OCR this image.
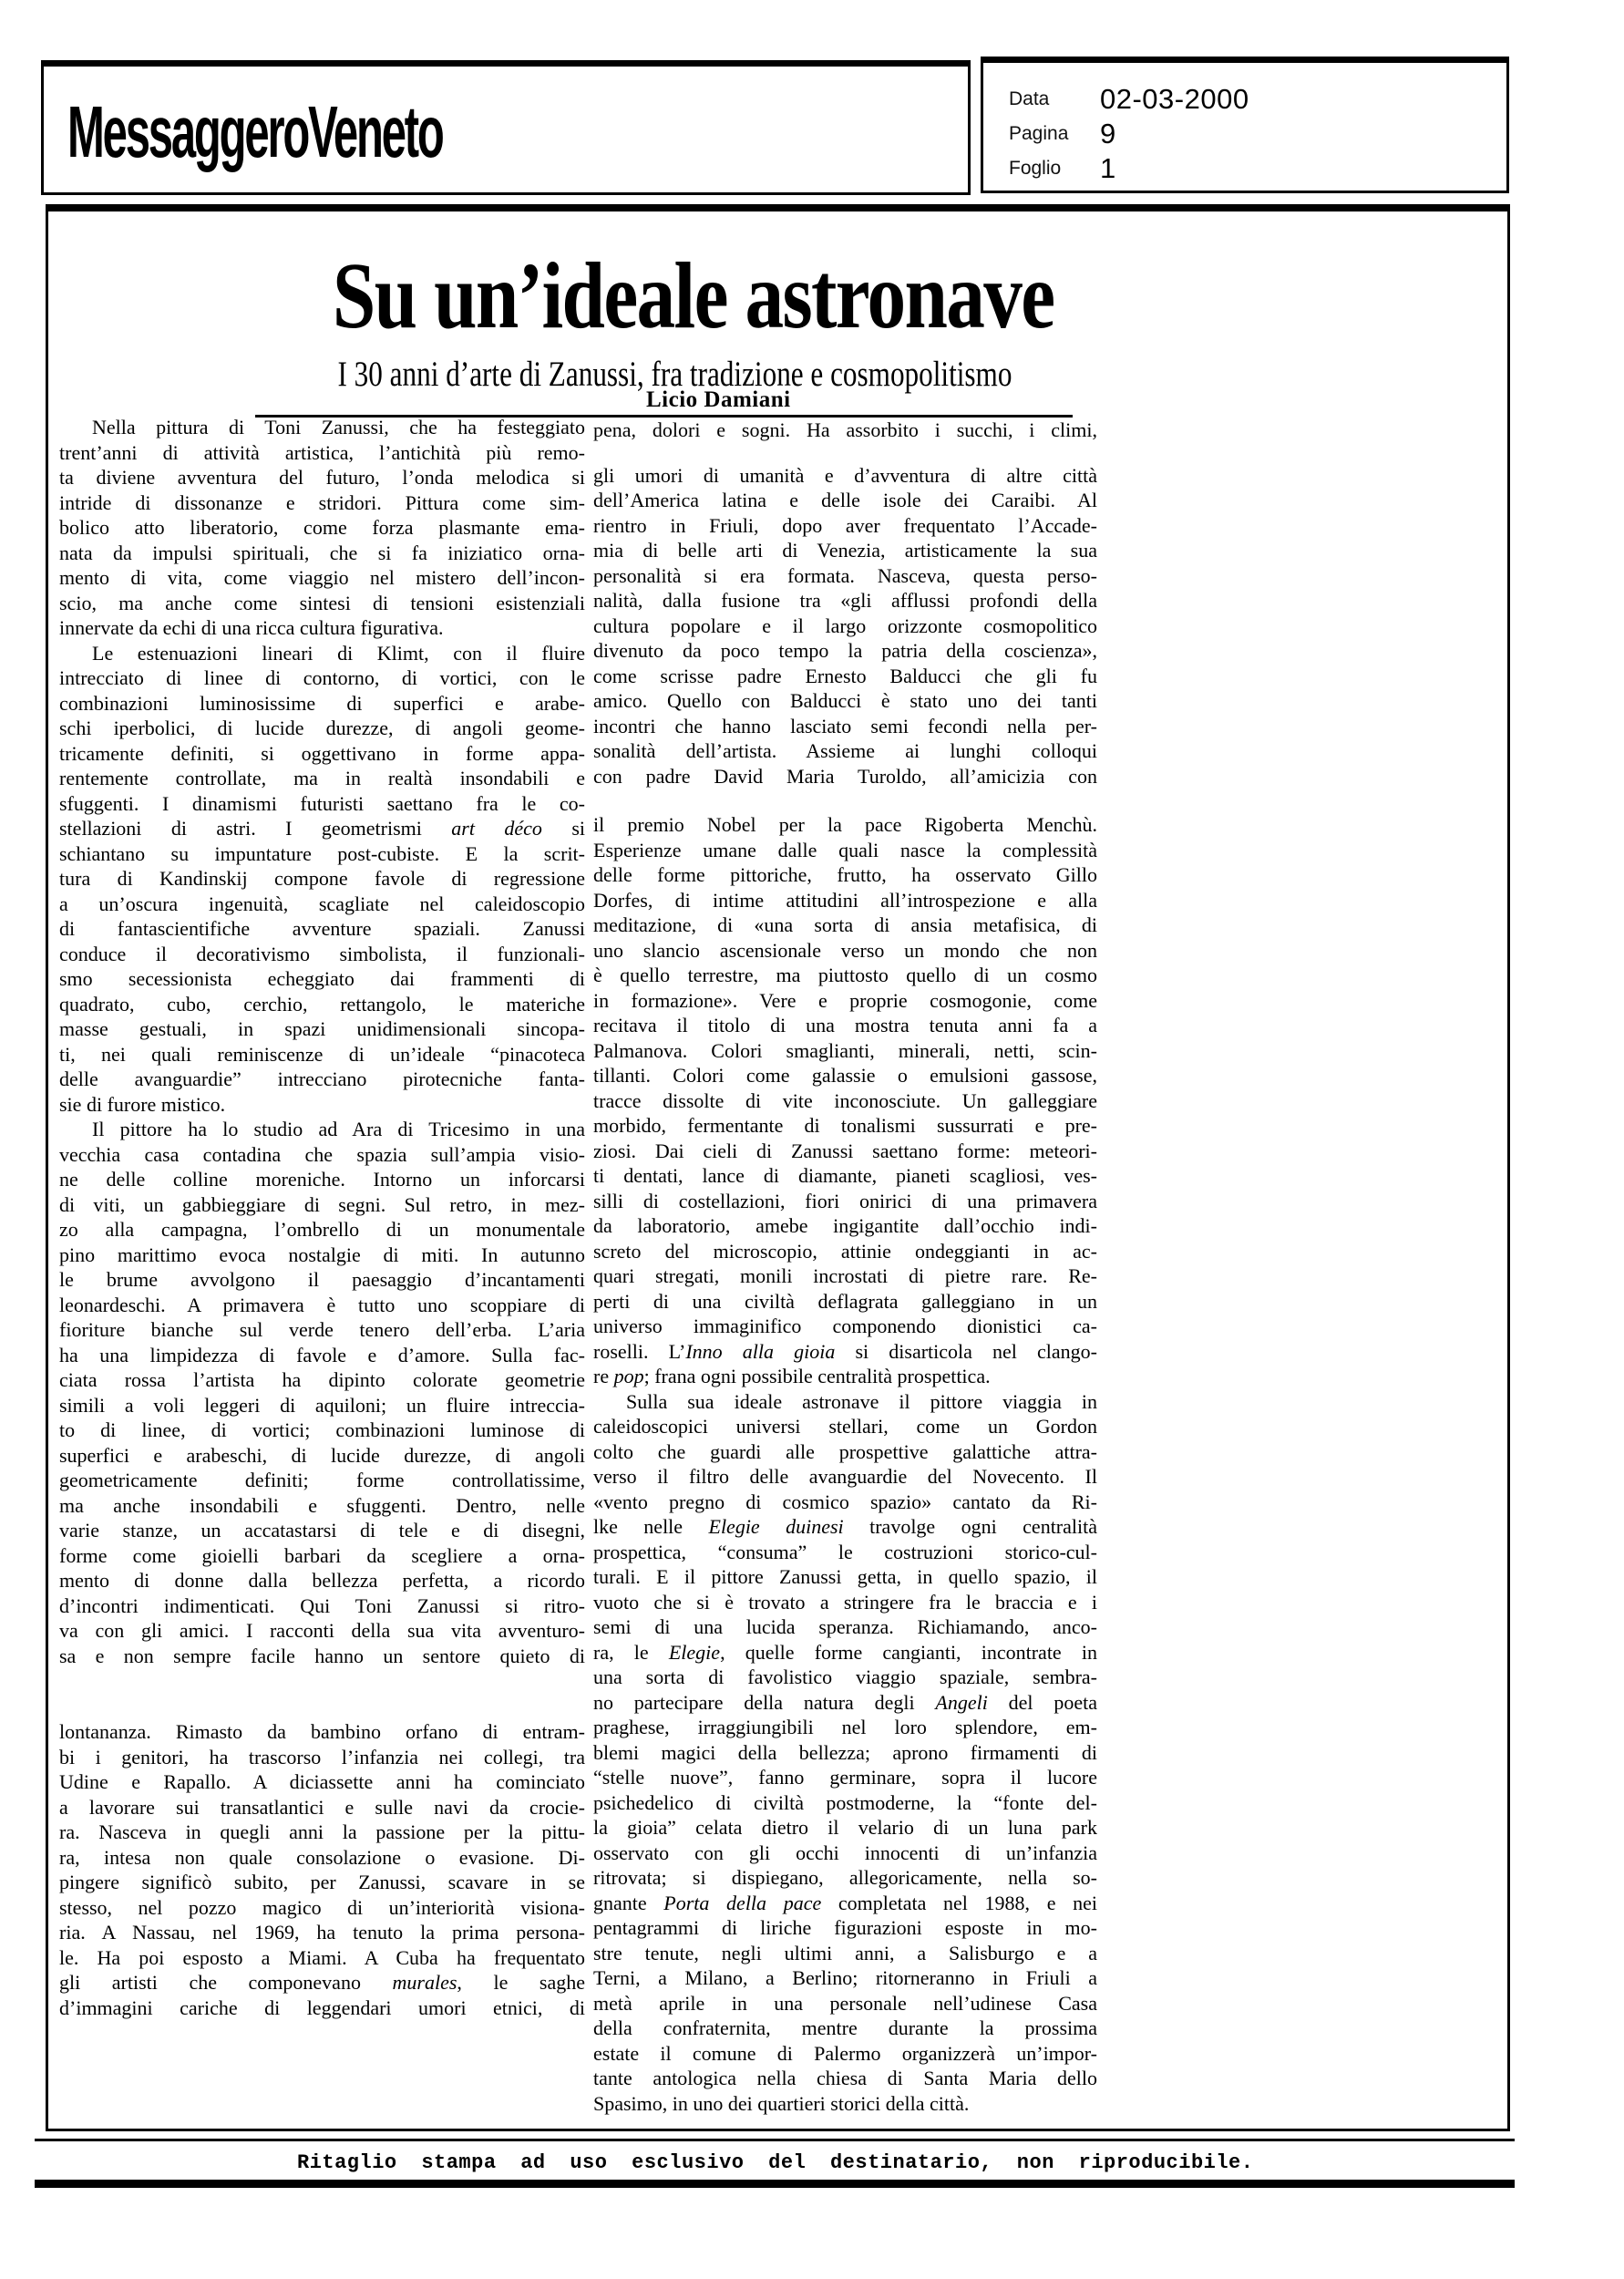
MessaggeroVeneto	Data 02-03-2000
Pagina 9
Foglio 1
Su un’ideale astronave
I 30 anni d’arte di Zanussi, fra tradizione e cosmopolitismo
Nella pittura di Toni Zanussi, che ha festeggiato
trent’anni di attività artistica, l’antichità più remo-
ta diviene avventura del futuro, l’onda melodica si
intride di dissonanze e stridori. Pittura come sim-
bolico atto liberatorio, come forza plasmante ema-
nata da impulsi spirituali, che si fa iniziatico orna-
mento di vita, come viaggio nel mistero dell’incon-
scio, ma anche come sintesi di tensioni esistenziali
innervate da echi di una ricca cultura figurativa.
Le estenuazioni lineari di Klimt, con il fluire
intrecciato di linee di contorno, di vortici, con le
combinazioni luminosissime di superfici e arabe-
schi iperbolici, di lucide durezze, di angoli geome-
tricamente definiti, si oggettivano in forme appa-
rentemente controllate, ma in realtà insondabili e
sfuggenti. I dinamismi futuristi saettano fra le co-
stellazioni di astri. I geometrismi art déco si
schiantano su impuntature post-cubiste. E la scrit-
tura di Kandinskij compone favole di regressione
a un’oscura ingenuità, scagliate nel caleidoscopio
di fantascientifiche avventure spaziali. Zanussi
conduce il decorativismo simbolista, il funzionali-
smo secessionista echeggiato dai frammenti di
quadrato, cubo, cerchio, rettangolo, le materiche
masse gestuali, in spazi unidimensionali sincopa-
ti, nei quali reminiscenze di un’ideale “pinacoteca
delle avanguardie” intrecciano pirotecniche fanta-
sie di furore mistico.
Il pittore ha lo studio ad Ara di Tricesimo in una
vecchia casa contadina che spazia sull’ampia visio-
ne delle colline moreniche. Intorno un inforcarsi
di viti, un gabbieggiare di segni. Sul retro, in mez-
zo alla campagna, l’ombrello di un monumentale
pino marittimo evoca nostalgie di miti. In autunno
le brume avvolgono il paesaggio d’incantamenti
leonardeschi. A primavera è tutto uno scoppiare di
fioriture bianche sul verde tenero dell’erba. L’aria
ha una limpidezza di favole e d’amore. Sulla fac-
ciata rossa l’artista ha dipinto colorate geometrie
simili a voli leggeri di aquiloni; un fluire intreccia-
to di linee, di vortici; combinazioni luminose di
superfici e arabeschi, di lucide durezze, di angoli
geometricamente definiti; forme controllatissime,
ma anche insondabili e sfuggenti. Dentro, nelle
varie stanze, un accatastarsi di tele e di disegni,
forme come gioielli barbari da scegliere a orna-
mento di donne dalla bellezza perfetta, a ricordo
d’incontri indimenticati. Qui Toni Zanussi si ritro-
va con gli amici. I racconti della sua vita avventuro-
sa e non sempre facile hanno un sentore quieto di
lontananza. Rimasto da bambino orfano di entram-
bi i genitori, ha trascorso l’infanzia nei collegi, tra
Udine e Rapallo. A diciassette anni ha cominciato
a lavorare sui transatlantici e sulle navi da crocie-
ra. Nasceva in quegli anni la passione per la pittu-
ra, intesa non quale consolazione o evasione. Di-
pingere significò subito, per Zanussi, scavare in se
stesso, nel pozzo magico di un’interiorità visiona-
ria. A Nassau, nel 1969, ha tenuto la prima persona-
le. Ha poi esposto a Miami. A Cuba ha frequentato
gli artisti che componevano murales, le saghe
d’immagini cariche di leggendari umori etnici, di
Licio Damiani
pena, dolori e sogni. Ha assorbito i succhi, i climi,
gli umori di umanità e d’avventura di altre città
dell’America latina e delle isole dei Caraibi. Al
rientro in Friuli, dopo aver frequentato l’Accade-
mia di belle arti di Venezia, artisticamente la sua
personalità si era formata. Nasceva, questa perso-
nalità, dalla fusione tra «gli afflussi profondi della
cultura popolare e il largo orizzonte cosmopolitico
divenuto da poco tempo la patria della coscienza»,
come scrisse padre Ernesto Balducci che gli fu
amico. Quello con Balducci è stato uno dei tanti
incontri che hanno lasciato semi fecondi nella per-
sonalità dell’artista. Assieme ai lunghi colloqui
con padre David Maria Turoldo, all’amicizia con
il premio Nobel per la pace Rigoberta Menchù.
Esperienze umane dalle quali nasce la complessità
delle forme pittoriche, frutto, ha osservato Gillo
Dorfes, di intime attitudini all’introspezione e alla
meditazione, di «una sorta di ansia metafisica, di
uno slancio ascensionale verso un mondo che non
è quello terrestre, ma piuttosto quello di un cosmo
in formazione». Vere e proprie cosmogonie, come
recitava il titolo di una mostra tenuta anni fa a
Palmanova. Colori smaglianti, minerali, netti, scin-
tillanti. Colori come galassie o emulsioni gassose,
tracce dissolte di vite inconosciute. Un galleggiare
morbido, fermentante di tonalismi sussurrati e pre-
ziosi. Dai cieli di Zanussi saettano forme: meteori-
ti dentati, lance di diamante, pianeti scagliosi, ves-
silli di costellazioni, fiori onirici di una primavera
da laboratorio, amebe ingigantite dall’occhio indi-
screto del microscopio, attinie ondeggianti in ac-
quari stregati, monili incrostati di pietre rare. Re-
perti di una civiltà deflagrata galleggiano in un
universo immaginifico componendo dionistici ca-
roselli. L’Inno alla gioia si disarticola nel clango-
re pop; frana ogni possibile centralità prospettica.
Sulla sua ideale astronave il pittore viaggia in
caleidoscopici universi stellari, come un Gordon
colto che guardi alle prospettive galattiche attra-
verso il filtro delle avanguardie del Novecento. Il
«vento pregno di cosmico spazio» cantato da Ri-
lke nelle Elegie duinesi travolge ogni centralità
prospettica, “consuma” le costruzioni storico-cul-
turali. E il pittore Zanussi getta, in quello spazio, il
vuoto che si è trovato a stringere fra le braccia e i
semi di una lucida speranza. Richiamando, anco-
ra, le Elegie, quelle forme cangianti, incontrate in
una sorta di favolistico viaggio spaziale, sembra-
no partecipare della natura degli Angeli del poeta
praghese, irraggiungibili nel loro splendore, em-
blemi magici della bellezza; aprono firmamenti di
“stelle nuove”, fanno germinare, sopra il lucore
psichedelico di civiltà postmoderne, la “fonte del-
la gioia” celata dietro il velario di un luna park
osservato con gli occhi innocenti di un’infanzia
ritrovata; si dispiegano, allegoricamente, nella so-
gnante Porta della pace completata nel 1988, e nei
pentagrammi di liriche figurazioni esposte in mo-
stre tenute, negli ultimi anni, a Salisburgo e a
Terni, a Milano, a Berlino; ritorneranno in Friuli a
metà aprile in una personale nell’udinese Casa
della confraternita, mentre durante la prossima
estate il comune di Palermo organizzerà un’impor-
tante antologica nella chiesa di Santa Maria dello
Spasimo, in uno dei quartieri storici della città.
Ritaglio stampa ad uso esclusivo del destinatario, non riproducibile.
